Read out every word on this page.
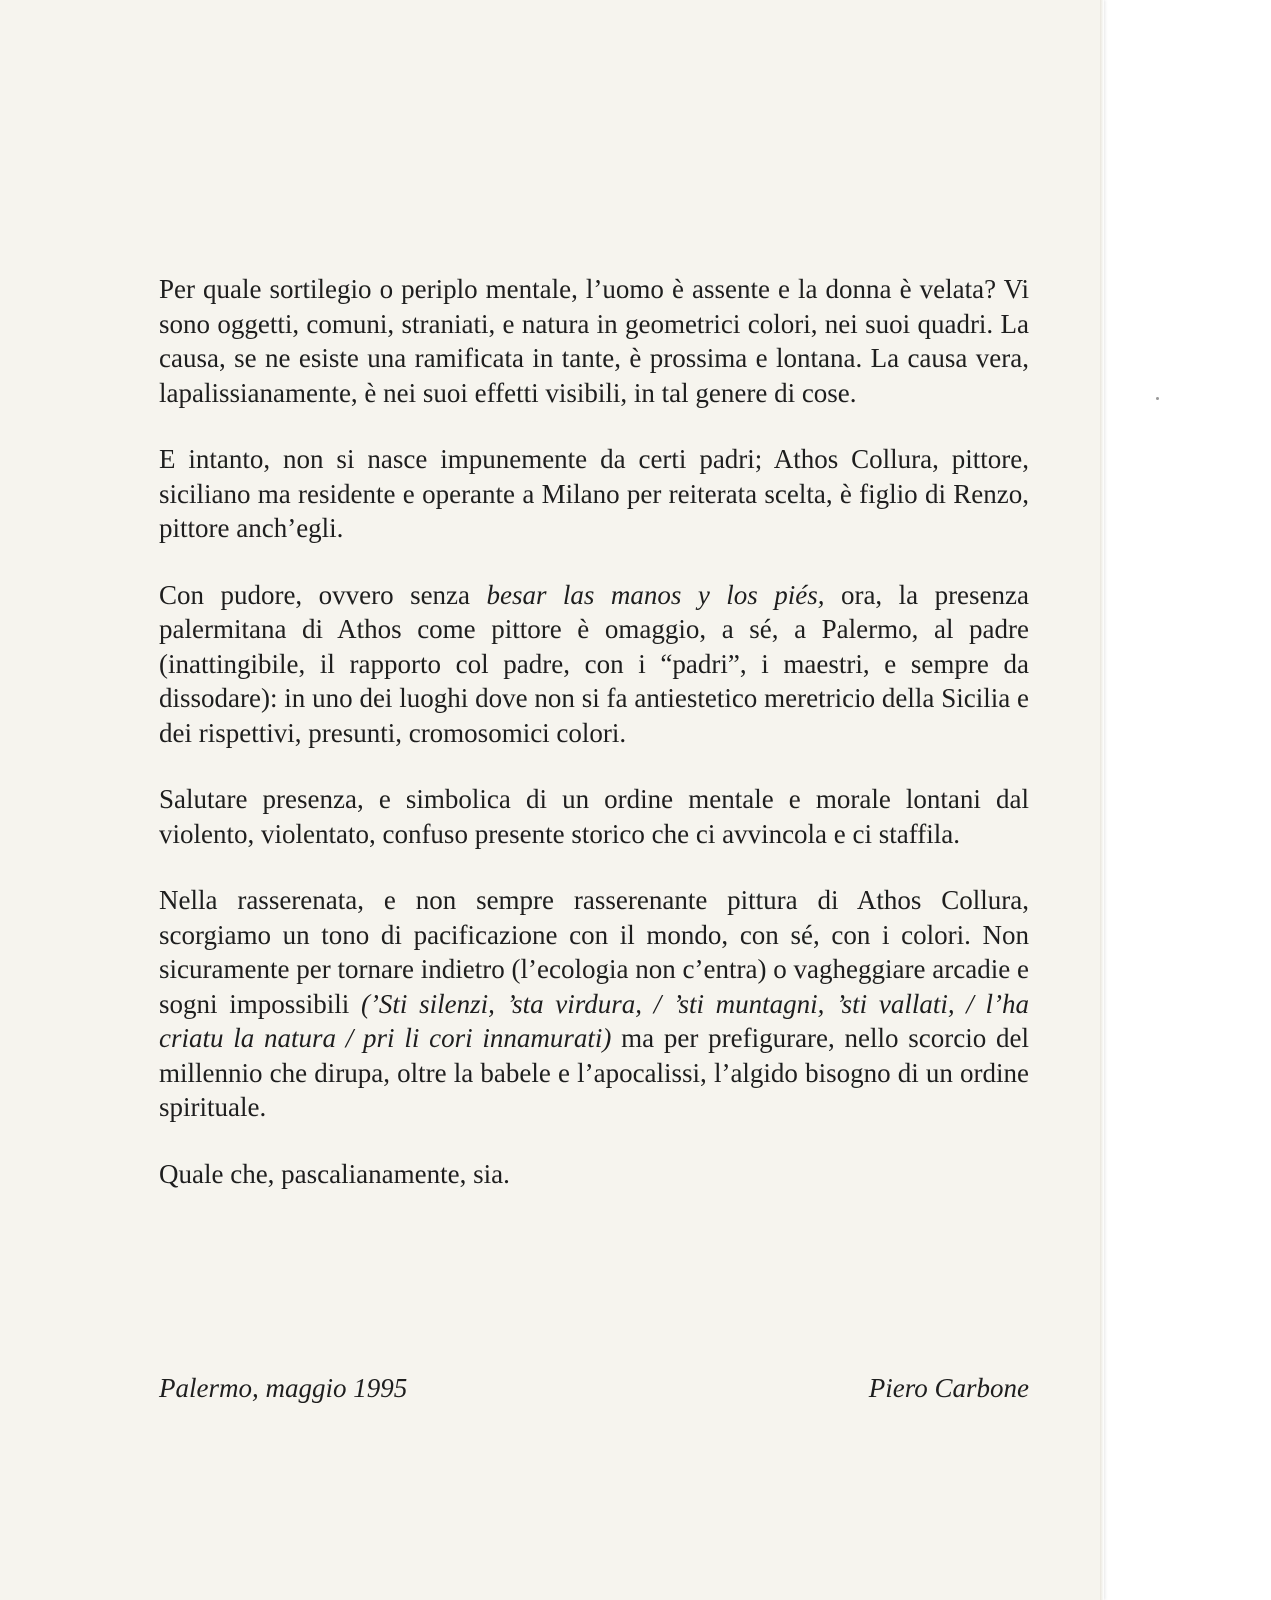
Per quale sortilegio o periplo mentale, l’uomo è assente e la donna è velata? Vi sono oggetti, comuni, straniati, e natura in geometrici colori, nei suoi quadri. La causa, se ne esiste una ramificata in tante, è prossima e lontana. La causa vera, lapalissianamente, è nei suoi effetti visibili, in tal genere di cose.

E intanto, non si nasce impunemente da certi padri; Athos Collura, pittore, siciliano ma residente e operante a Milano per reiterata scelta, è figlio di Renzo, pittore anch’egli.

Con pudore, ovvero senza besar las manos y los piés, ora, la presenza palermitana di Athos come pittore è omaggio, a sé, a Palermo, al padre (inattingibile, il rapporto col padre, con i “padri”, i maestri, e sempre da dissodare): in uno dei luoghi dove non si fa antiestetico meretricio della Sicilia e dei rispettivi, presunti, cromosomici colori.

Salutare presenza, e simbolica di un ordine mentale e morale lontani dal violento, violentato, confuso presente storico che ci avvincola e ci staffila.

Nella rasserenata, e non sempre rasserenante pittura di Athos Collura, scorgiamo un tono di pacificazione con il mondo, con sé, con i colori. Non sicuramente per tornare indietro (l’ecologia non c’entra) o vagheggiare arcadie e sogni impossibili (’Sti silenzi, ’sta virdura, / ’sti muntagni, ’sti vallati, / l’ha criatu la natura / pri li cori innamurati) ma per prefigurare, nello scorcio del millennio che dirupa, oltre la babele e l’apocalissi, l’algido bisogno di un ordine spirituale.

Quale che, pascalianamente, sia.

Palermo, maggio 1995	Piero Carbone
